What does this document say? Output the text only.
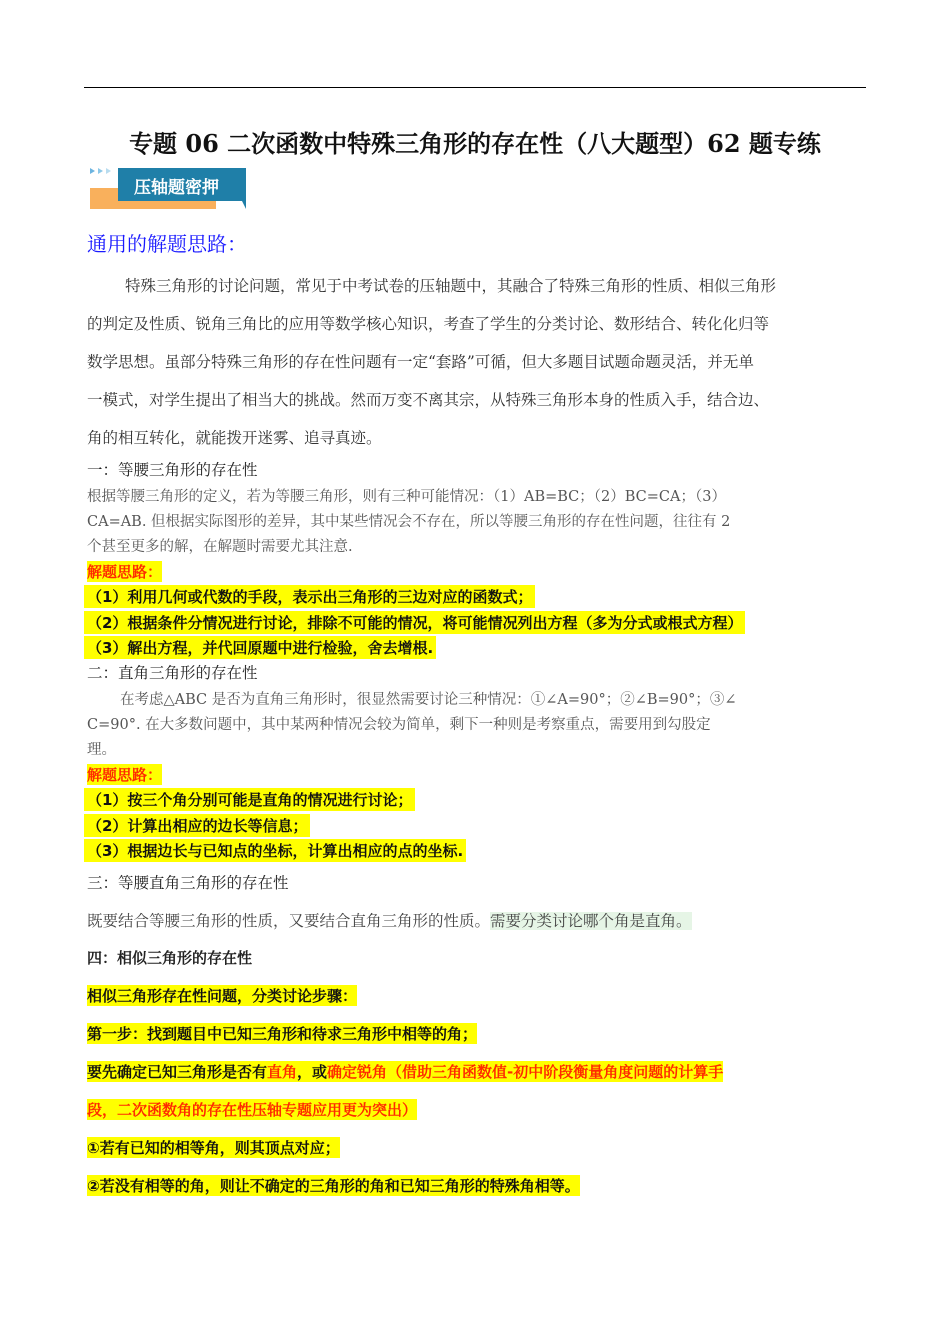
专题 06 二次函数中特殊三角形的存在性（八大题型）62 题专练
压轴题密押
通用的解题思路：
特殊三角形的讨论问题，常见于中考试卷的压轴题中，其融合了特殊三角形的性质、相似三角形
的判定及性质、锐角三角比的应用等数学核心知识，考查了学生的分类讨论、数形结合、转化化归等
数学思想。虽部分特殊三角形的存在性问题有一定“套路”可循，但大多题目试题命题灵活，并无单
一模式，对学生提出了相当大的挑战。然而万变不离其宗，从特殊三角形本身的性质入手，结合边、
角的相互转化，就能拨开迷雾、追寻真迹。
一：等腰三角形的存在性
根据等腰三角形的定义，若为等腰三角形，则有三种可能情况：（1）AB=BC；（2）BC=CA；（3）
CA=AB. 但根据实际图形的差异，其中某些情况会不存在，所以等腰三角形的存在性问题，往往有 2
个甚至更多的解，在解题时需要尤其注意.
解题思路：
（1）利用几何或代数的手段，表示出三角形的三边对应的函数式；
（2）根据条件分情况进行讨论，排除不可能的情况，将可能情况列出方程（多为分式或根式方程）
（3）解出方程，并代回原题中进行检验，舍去增根.
二：直角三角形的存在性
在考虑△ABC 是否为直角三角形时，很显然需要讨论三种情况：①∠A=90°；②∠B=90°；③∠
C=90°. 在大多数问题中，其中某两种情况会较为简单，剩下一种则是考察重点，需要用到勾股定
理。
解题思路：
（1）按三个角分别可能是直角的情况进行讨论；
（2）计算出相应的边长等信息；
（3）根据边长与已知点的坐标，计算出相应的点的坐标.
三：等腰直角三角形的存在性
既要结合等腰三角形的性质，又要结合直角三角形的性质。需要分类讨论哪个角是直角。
四：相似三角形的存在性
相似三角形存在性问题，分类讨论步骤：
第一步：找到题目中已知三角形和待求三角形中相等的角；
要先确定已知三角形是否有直角，或确定锐角（借助三角函数值-初中阶段衡量角度问题的计算手
段，二次函数角的存在性压轴专题应用更为突出）
①若有已知的相等角，则其顶点对应；
②若没有相等的角，则让不确定的三角形的角和已知三角形的特殊角相等。
